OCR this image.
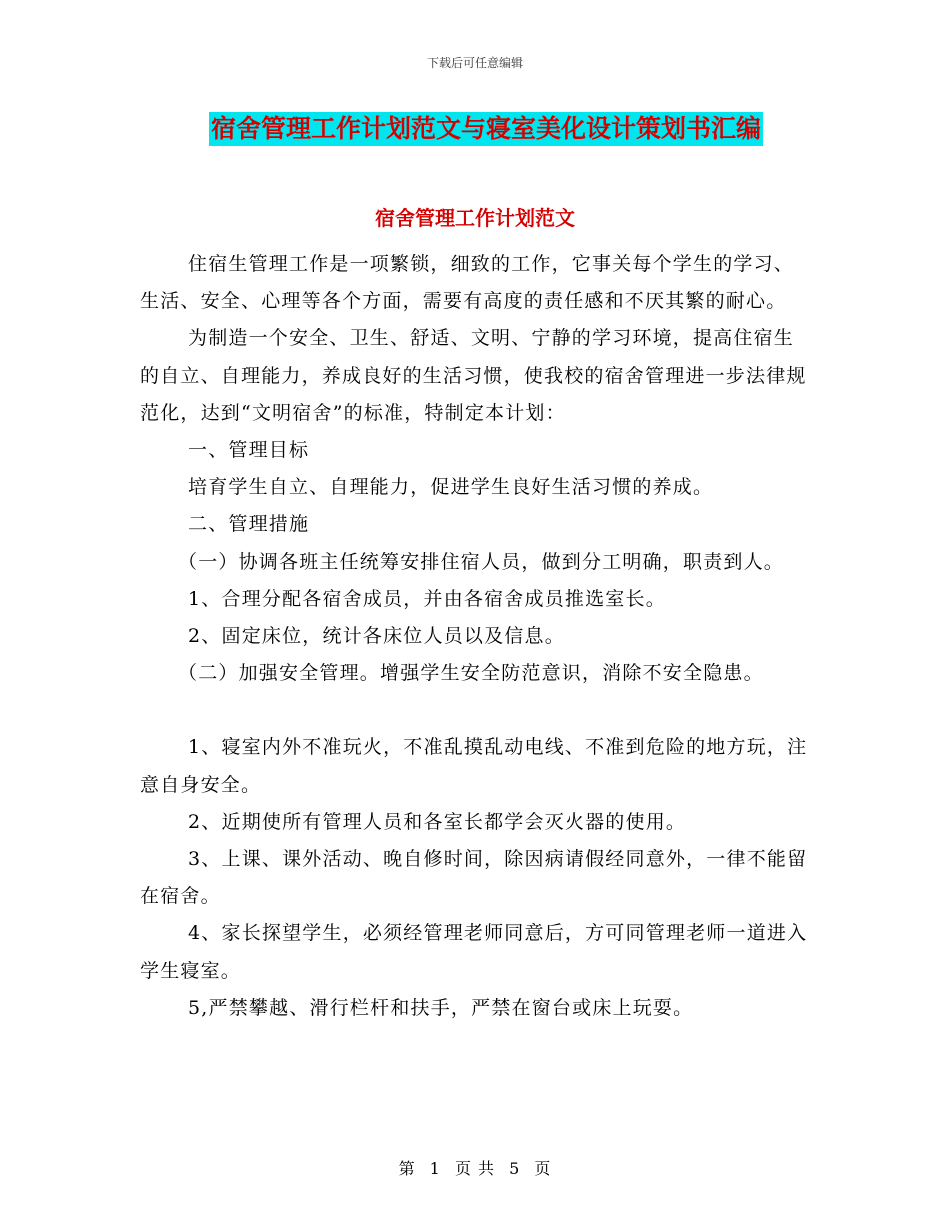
下载后可任意编辑
宿舍管理工作计划范文与寝室美化设计策划书汇编
宿舍管理工作计划范文

住宿生管理工作是一项繁锁，细致的工作，它事关每个学生的学习、生活、安全、心理等各个方面，需要有高度的责任感和不厌其繁的耐心。

为制造一个安全、卫生、舒适、文明、宁静的学习环境，提高住宿生的自立、自理能力，养成良好的生活习惯，使我校的宿舍管理进一步法律规范化，达到“文明宿舍”的标准，特制定本计划：

一、管理目标

培育学生自立、自理能力，促进学生良好生活习惯的养成。

二、管理措施

（一）协调各班主任统筹安排住宿人员，做到分工明确，职责到人。

1、合理分配各宿舍成员，并由各宿舍成员推选室长。

2、固定床位，统计各床位人员以及信息。

（二）加强安全管理。增强学生安全防范意识，消除不安全隐患。

1、寝室内外不准玩火，不准乱摸乱动电线、不准到危险的地方玩，注意自身安全。

2、近期使所有管理人员和各室长都学会灭火器的使用。

3、上课、课外活动、晚自修时间，除因病请假经同意外，一律不能留在宿舍。

4、家长探望学生，必须经管理老师同意后，方可同管理老师一道进入学生寝室。

5,严禁攀越、滑行栏杆和扶手，严禁在窗台或床上玩耍。

第 1 页 共 5 页
